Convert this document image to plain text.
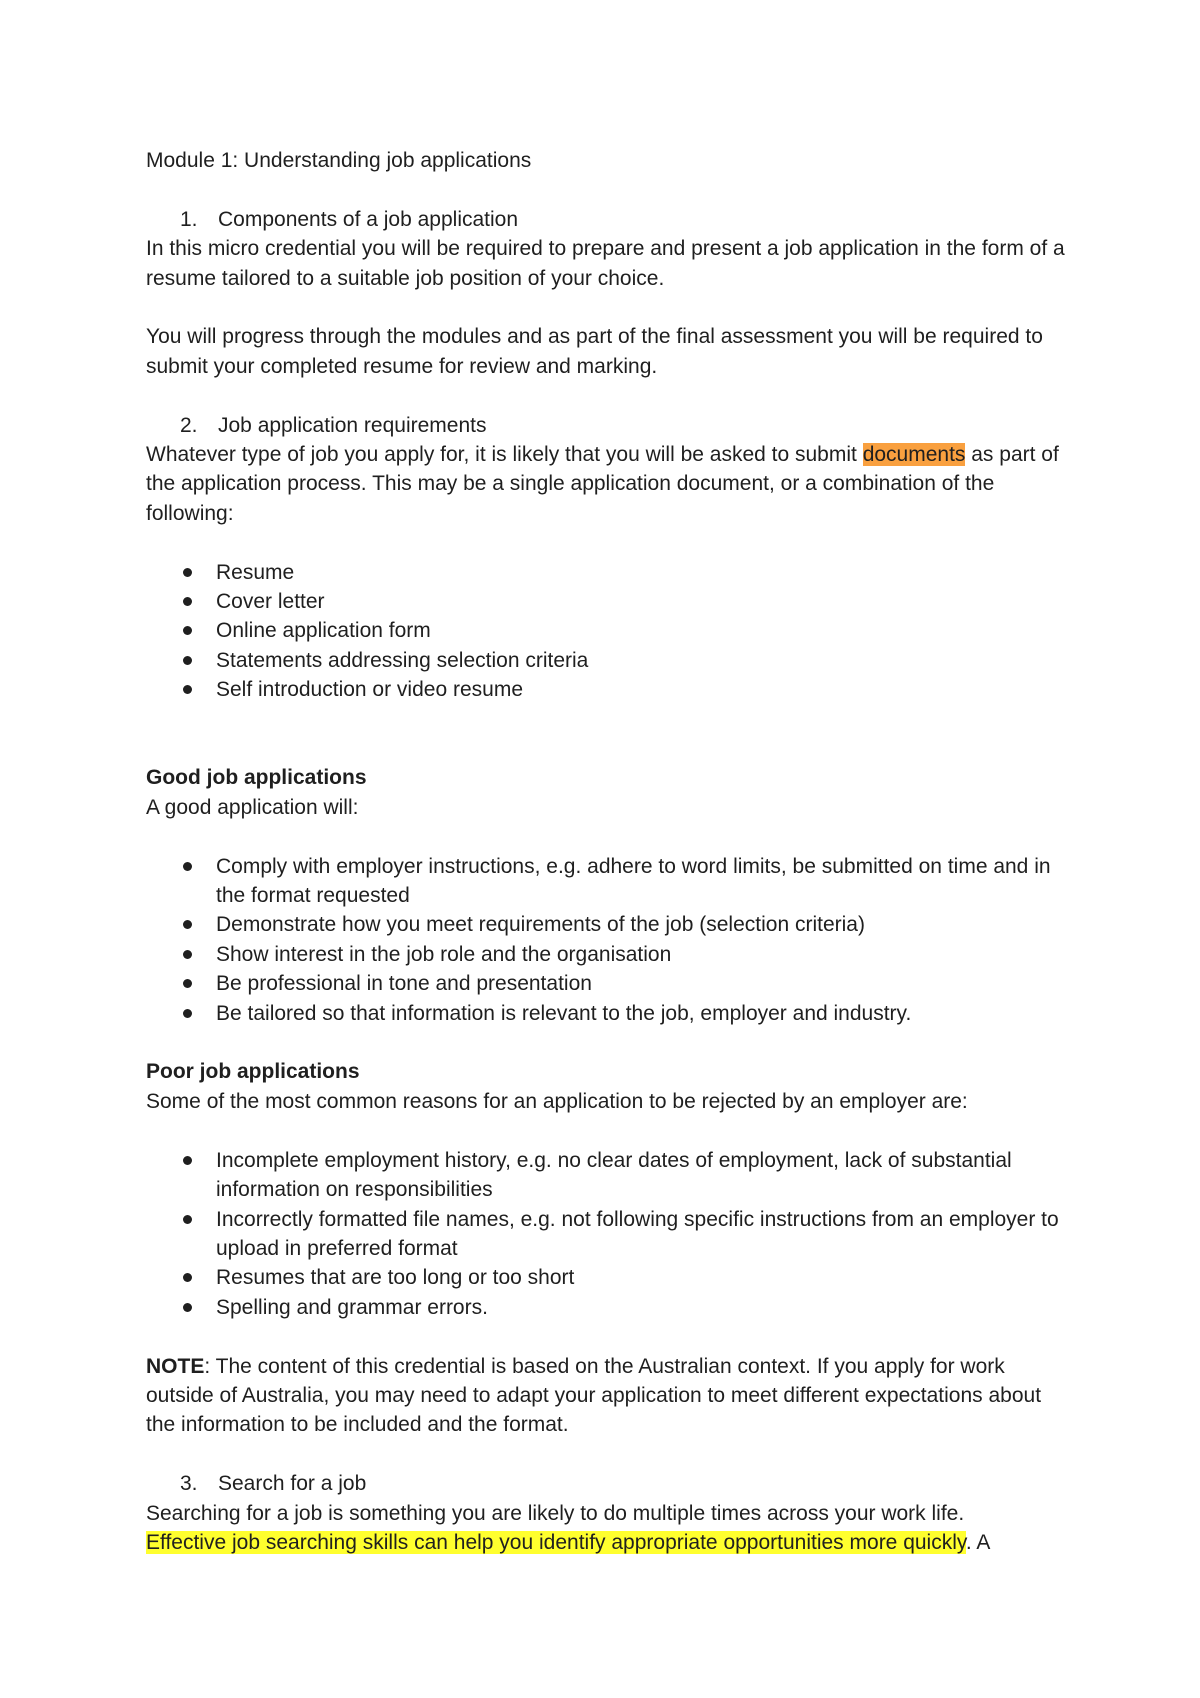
Module 1: Understanding job applications

1. Components of a job application

In this micro credential you will be required to prepare and present a job application in the form of a resume tailored to a suitable job position of your choice.

You will progress through the modules and as part of the final assessment you will be required to submit your completed resume for review and marking.

2. Job application requirements

Whatever type of job you apply for, it is likely that you will be asked to submit documents as part of the application process. This may be a single application document, or a combination of the following:

Resume
Cover letter
Online application form
Statements addressing selection criteria
Self introduction or video resume

Good job applications

A good application will:

Comply with employer instructions, e.g. adhere to word limits, be submitted on time and in the format requested
Demonstrate how you meet requirements of the job (selection criteria)
Show interest in the job role and the organisation
Be professional in tone and presentation
Be tailored so that information is relevant to the job, employer and industry.

Poor job applications

Some of the most common reasons for an application to be rejected by an employer are:

Incomplete employment history, e.g. no clear dates of employment, lack of substantial information on responsibilities
Incorrectly formatted file names, e.g. not following specific instructions from an employer to upload in preferred format
Resumes that are too long or too short
Spelling and grammar errors.

NOTE: The content of this credential is based on the Australian context. If you apply for work outside of Australia, you may need to adapt your application to meet different expectations about the information to be included and the format.

3. Search for a job

Searching for a job is something you are likely to do multiple times across your work life.

Effective job searching skills can help you identify appropriate opportunities more quickly. A
